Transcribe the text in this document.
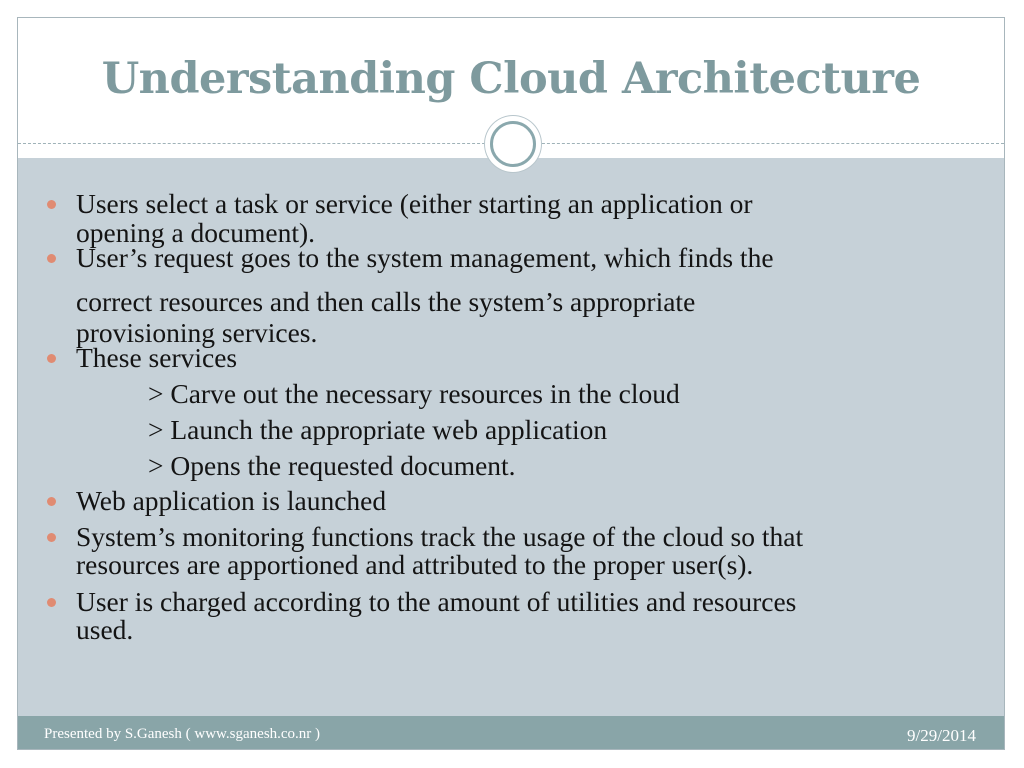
Understanding Cloud Architecture
Users select a task or service (either starting an application or
opening a document).
User’s request goes to the system management, which finds the
correct resources and then calls the system’s appropriate
provisioning services.
These services
> Carve out the necessary resources in the cloud
> Launch the appropriate web application
> Opens the requested document.
Web application is launched
System’s monitoring functions track the usage of the cloud so that
resources are apportioned and attributed to the proper user(s).
User is charged according to the amount of utilities and resources
used.
Presented by S.Ganesh ( www.sganesh.co.nr )	9/29/2014
